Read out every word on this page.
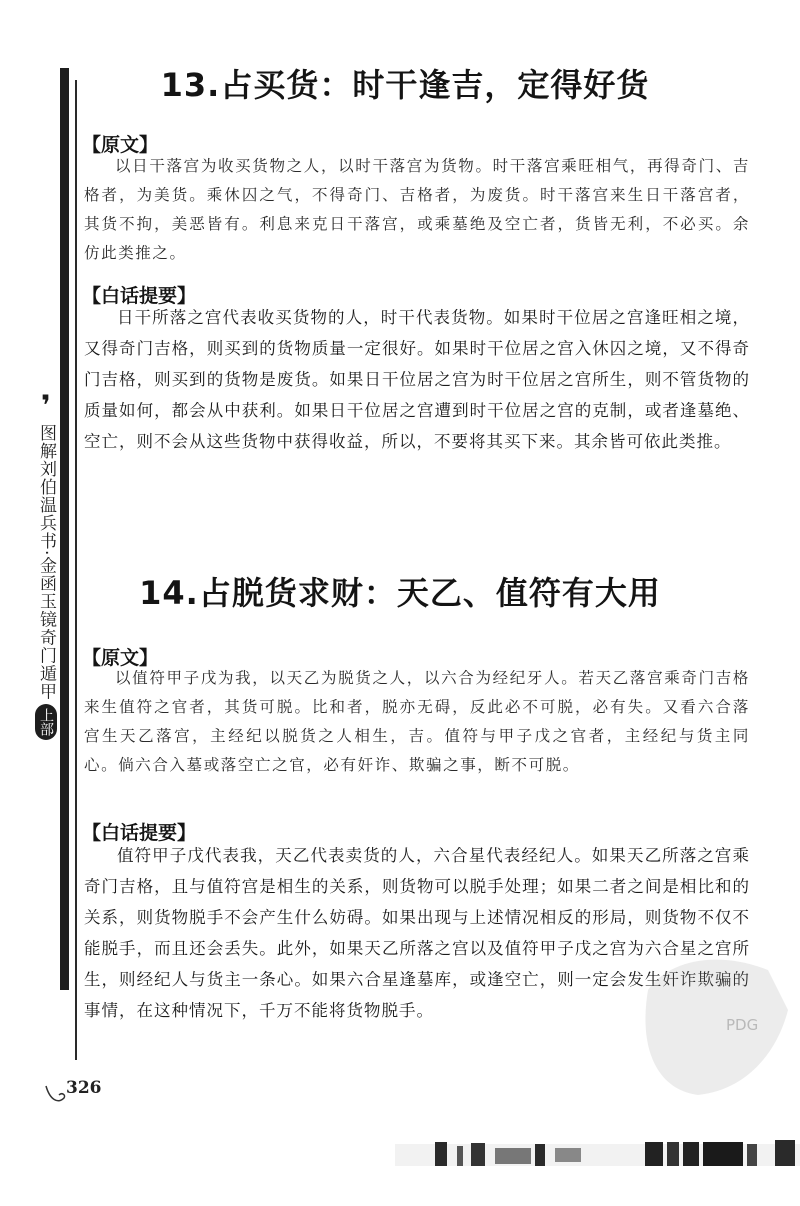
❜
图解刘伯温兵书·金函玉镜奇门遁甲
上部
13.占买货：时干逢吉，定得好货
【原文】

以日干落宫为收买货物之人，以时干落宫为货物。时干落宫乘旺相气，再得奇门、吉格者，为美货。乘休囚之气，不得奇门、吉格者，为废货。时干落宫来生日干落宫者，其货不拘，美恶皆有。利息来克日干落宫，或乘墓绝及空亡者，货皆无利，不必买。余仿此类推之。

【白话提要】

日干所落之宫代表收买货物的人，时干代表货物。如果时干位居之宫逢旺相之境，又得奇门吉格，则买到的货物质量一定很好。如果时干位居之宫入休囚之境，又不得奇门吉格，则买到的货物是废货。如果日干位居之宫为时干位居之宫所生，则不管货物的质量如何，都会从中获利。如果日干位居之宫遭到时干位居之宫的克制，或者逢墓绝、空亡，则不会从这些货物中获得收益，所以，不要将其买下来。其余皆可依此类推。

14.占脱货求财：天乙、值符有大用
【原文】

以值符甲子戊为我，以天乙为脱货之人，以六合为经纪牙人。若天乙落宫乘奇门吉格来生值符之官者，其货可脱。比和者，脱亦无碍，反此必不可脱，必有失。又看六合落宫生天乙落宫，主经纪以脱货之人相生，吉。值符与甲子戊之官者，主经纪与货主同心。倘六合入墓或落空亡之官，必有奸诈、欺骗之事，断不可脱。

【白话提要】

值符甲子戊代表我，天乙代表卖货的人，六合星代表经纪人。如果天乙所落之宫乘奇门吉格，且与值符宫是相生的关系，则货物可以脱手处理；如果二者之间是相比和的关系，则货物脱手不会产生什么妨碍。如果出现与上述情况相反的形局，则货物不仅不能脱手，而且还会丢失。此外，如果天乙所落之宫以及值符甲子戊之宫为六合星之宫所生，则经纪人与货主一条心。如果六合星逢墓库，或逢空亡，则一定会发生奸诈欺骗的事情，在这种情况下，千万不能将货物脱手。

PDG
326
